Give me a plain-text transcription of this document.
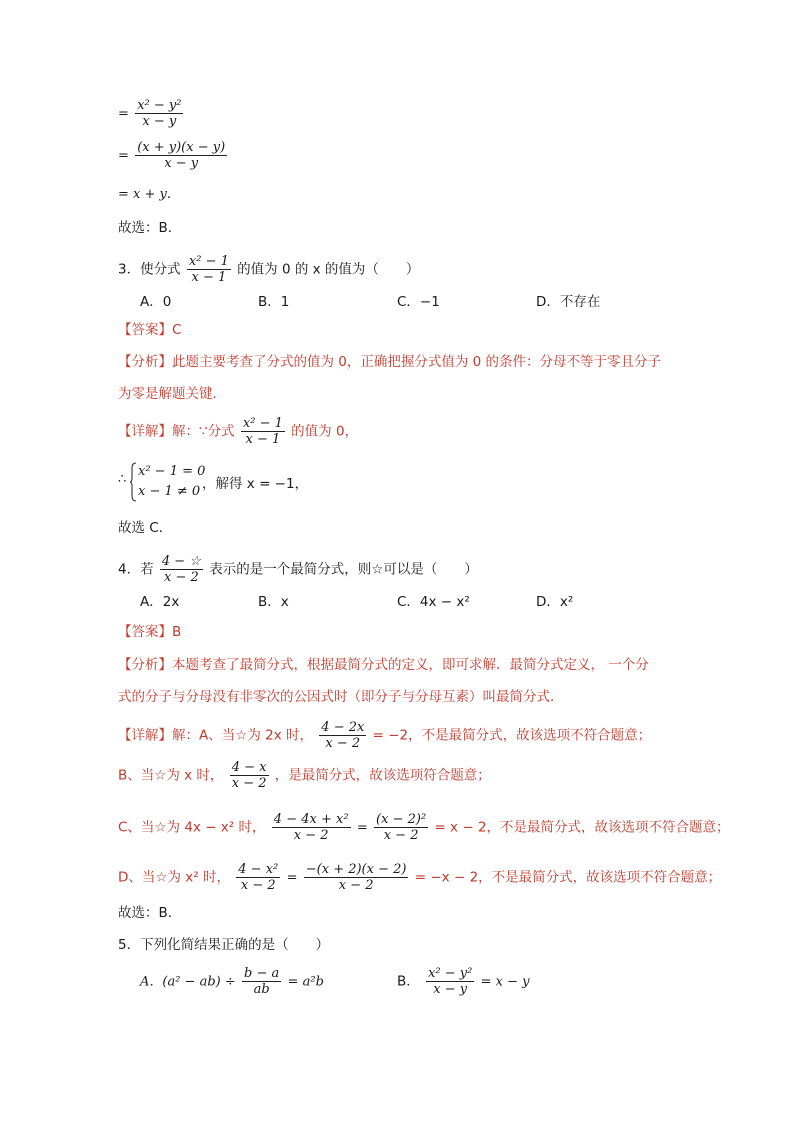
= $\frac{\text{x² − y²}}{x - y}$
= $\frac{(x + y)(x - y)}{x - y}$
= x + y．
故选：B．
3．使分式 $\frac{\text{x² − 1}}{x - 1}$ 的值为 0 的 x 的值为（　　）
A．0	B．1	C．−1	D．不存在
【答案】C
【分析】此题主要考查了分式的值为 0，正确把握分式值为 0 的条件：分母不等于零且分子
为零是解题关键．
【详解】解：∵分式 $\frac{\text{x² − 1}}{x - 1}$ 的值为 0，
∴
x² − 1 = 0
x − 1 ≠ 0 ，解得 x = −1，
故选 C．
4．若 $\frac{4 - ☆}{x - 2}$ 表示的是一个最简分式，则☆可以是（　　）
A．2x	B．x	C．4x − x²	D．x²
【答案】B
【分析】本题考查了最简分式，根据最简分式的定义，即可求解．最简分式定义， 一个分
式的分子与分母没有非零次的公因式时（即分子与分母互素）叫最简分式．
【详解】解：A、当☆为 2x 时， $\frac{4 - 2x}{x - 2} = -2$，不是最简分式，故该选项不符合题意；
B、当☆为 x 时， $\frac{4 - x}{x - 2}$ ，是最简分式，故该选项符合题意；
C、当☆为 4x − x² 时， $\frac{\text{4 − 4x + x²}}{x - 2} = \frac{\text{(x − 2)²}}{x - 2} = x - 2$，不是最简分式，故该选项不符合题意；
D、当☆为 x² 时， $\frac{\text{4 − x²}}{x - 2} = \frac{-(x + 2)(x - 2)}{x - 2} = -x - 2$，不是最简分式，故该选项不符合题意；
故选：B．
5．下列化简结果正确的是（　　）
A．$(a^2 - ab) \div \frac{b - a}{ab} = a^2b$	B． $\frac{\text{x² − y²}}{x - y} = x - y$
